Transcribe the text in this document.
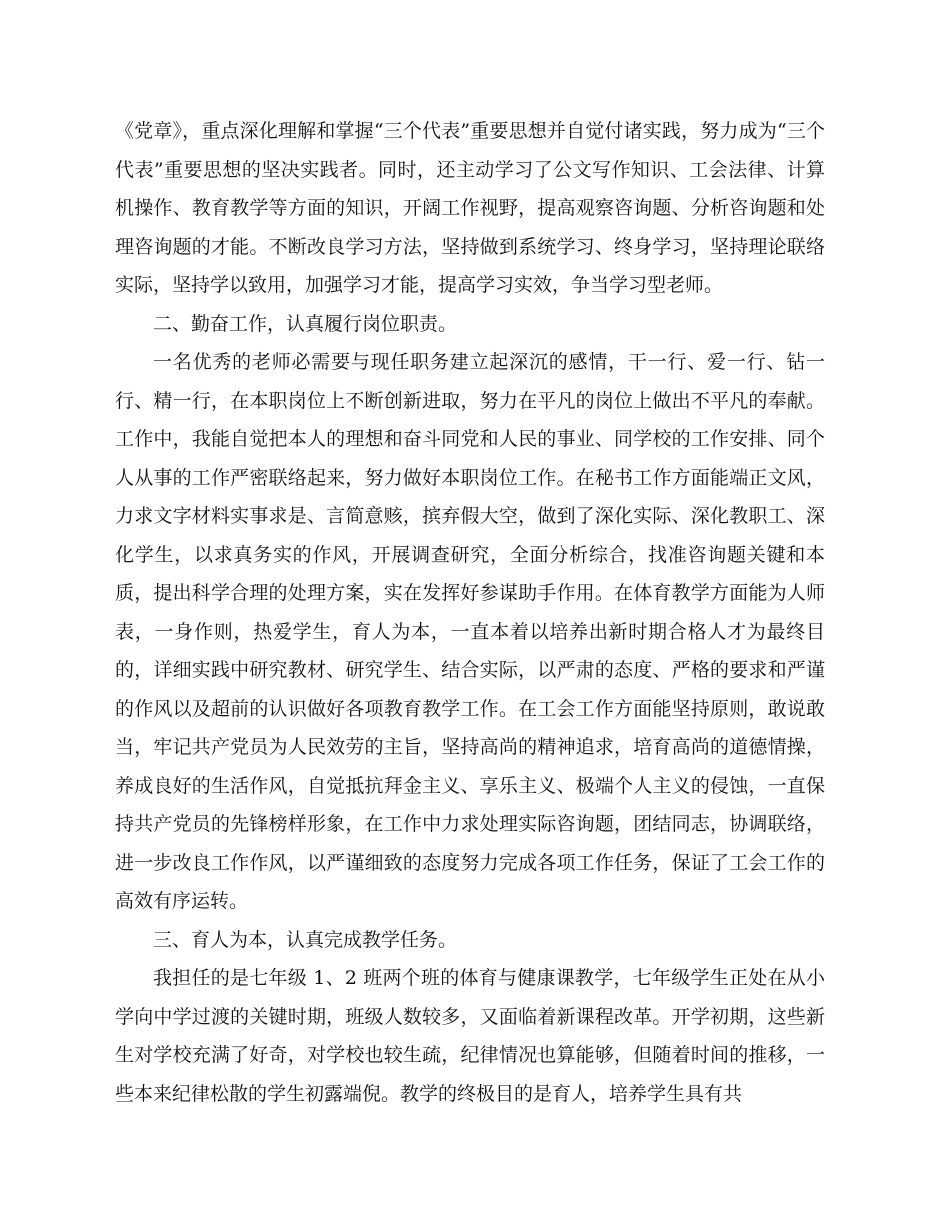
《党章》，重点深化理解和掌握“三个代表”重要思想并自觉付诸实践，努力成为“三个代表”重要思想的坚决实践者。同时，还主动学习了公文写作知识、工会法律、计算机操作、教育教学等方面的知识，开阔工作视野，提高观察咨询题、分析咨询题和处理咨询题的才能。不断改良学习方法，坚持做到系统学习、终身学习，坚持理论联络实际，坚持学以致用，加强学习才能，提高学习实效，争当学习型老师。

二、勤奋工作，认真履行岗位职责。

一名优秀的老师必需要与现任职务建立起深沉的感情，干一行、爱一行、钻一行、精一行，在本职岗位上不断创新进取，努力在平凡的岗位上做出不平凡的奉献。工作中，我能自觉把本人的理想和奋斗同党和人民的事业、同学校的工作安排、同个人从事的工作严密联络起来，努力做好本职岗位工作。在秘书工作方面能端正文风，力求文字材料实事求是、言简意赅，摈弃假大空，做到了深化实际、深化教职工、深化学生，以求真务实的作风，开展调查研究，全面分析综合，找准咨询题关键和本质，提出科学合理的处理方案，实在发挥好参谋助手作用。在体育教学方面能为人师表，一身作则，热爱学生，育人为本，一直本着以培养出新时期合格人才为最终目的，详细实践中研究教材、研究学生、结合实际，以严肃的态度、严格的要求和严谨的作风以及超前的认识做好各项教育教学工作。在工会工作方面能坚持原则，敢说敢当，牢记共产党员为人民效劳的主旨，坚持高尚的精神追求，培育高尚的道德情操，养成良好的生活作风，自觉抵抗拜金主义、享乐主义、极端个人主义的侵蚀，一直保持共产党员的先锋榜样形象，在工作中力求处理实际咨询题，团结同志，协调联络，进一步改良工作作风，以严谨细致的态度努力完成各项工作任务，保证了工会工作的高效有序运转。

三、育人为本，认真完成教学任务。

我担任的是七年级 1、2 班两个班的体育与健康课教学，七年级学生正处在从小学向中学过渡的关键时期，班级人数较多，又面临着新课程改革。开学初期，这些新生对学校充满了好奇，对学校也较生疏，纪律情况也算能够，但随着时间的推移，一些本来纪律松散的学生初露端倪。教学的终极目的是育人，培养学生具有共
